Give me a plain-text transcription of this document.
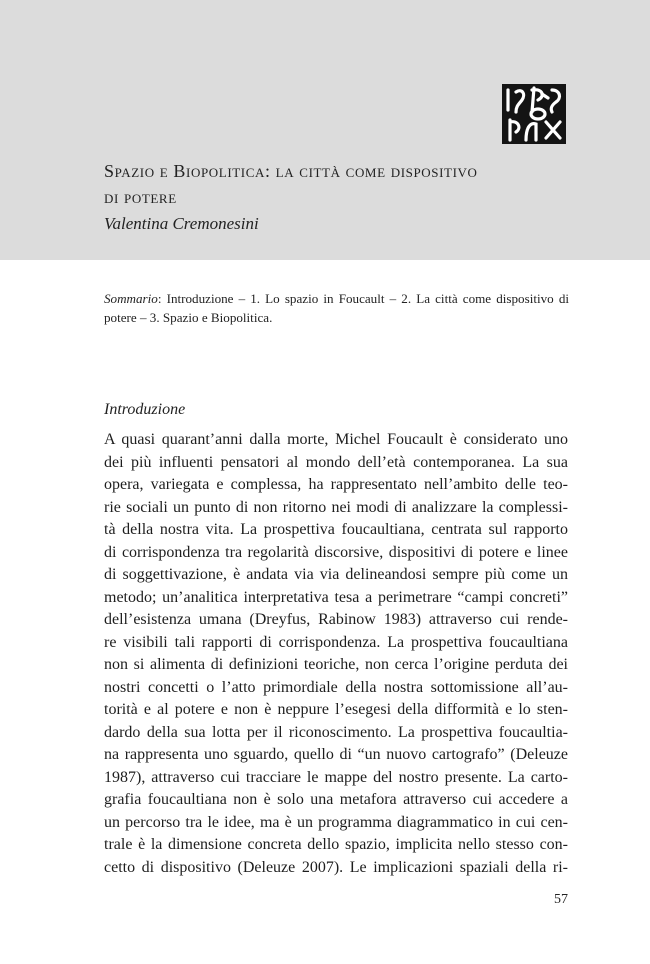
Spazio e Biopolitica: la città come dispositivo
di potere

Valentina Cremonesini

Sommario: Introduzione – 1. Lo spazio in Foucault – 2. La città come dispositivo di potere – 3. Spazio e Biopolitica.

Introduzione
A quasi quarant’anni dalla morte, Michel Foucault è considerato uno
dei più influenti pensatori al mondo dell’età contemporanea. La sua
opera, variegata e complessa, ha rappresentato nell’ambito delle teo-
rie sociali un punto di non ritorno nei modi di analizzare la complessi-
tà della nostra vita. La prospettiva foucaultiana, centrata sul rapporto
di corrispondenza tra regolarità discorsive, dispositivi di potere e linee
di soggettivazione, è andata via via delineandosi sempre più come un
metodo; un’analitica interpretativa tesa a perimetrare “campi concreti”
dell’esistenza umana (Dreyfus, Rabinow 1983) attraverso cui rende-
re visibili tali rapporti di corrispondenza. La prospettiva foucaultiana
non si alimenta di definizioni teoriche, non cerca l’origine perduta dei
nostri concetti o l’atto primordiale della nostra sottomissione all’au-
torità e al potere e non è neppure l’esegesi della difformità e lo sten-
dardo della sua lotta per il riconoscimento. La prospettiva foucaultia-
na rappresenta uno sguardo, quello di “un nuovo cartografo” (Deleuze
1987), attraverso cui tracciare le mappe del nostro presente. La carto-
grafia foucaultiana non è solo una metafora attraverso cui accedere a
un percorso tra le idee, ma è un programma diagrammatico in cui cen-
trale è la dimensione concreta dello spazio, implicita nello stesso con-
cetto di dispositivo (Deleuze 2007). Le implicazioni spaziali della ri-

57
